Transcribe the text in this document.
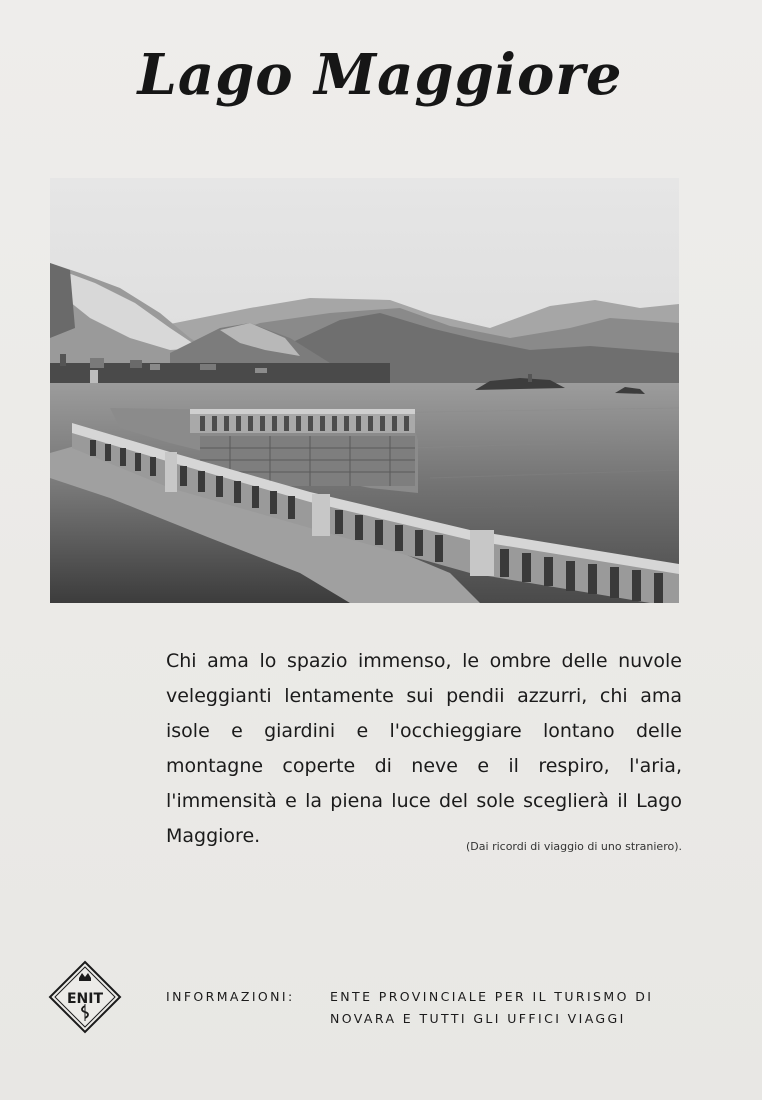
Lago Maggiore
Chi ama lo spazio immenso, le ombre delle nuvole veleggianti lentamente sui pendii azzurri, chi ama isole e giardini e l'occhieggiare lontano delle montagne coperte di neve e il respiro, l'aria, l'immensità e la piena luce del sole sceglierà il Lago Maggiore.	(Dai ricordi di viaggio di uno straniero).
ENIT	INFORMAZIONI:	ENTE PROVINCIALE PER IL TURISMO DI
NOVARA E TUTTI GLI UFFICI VIAGGI
